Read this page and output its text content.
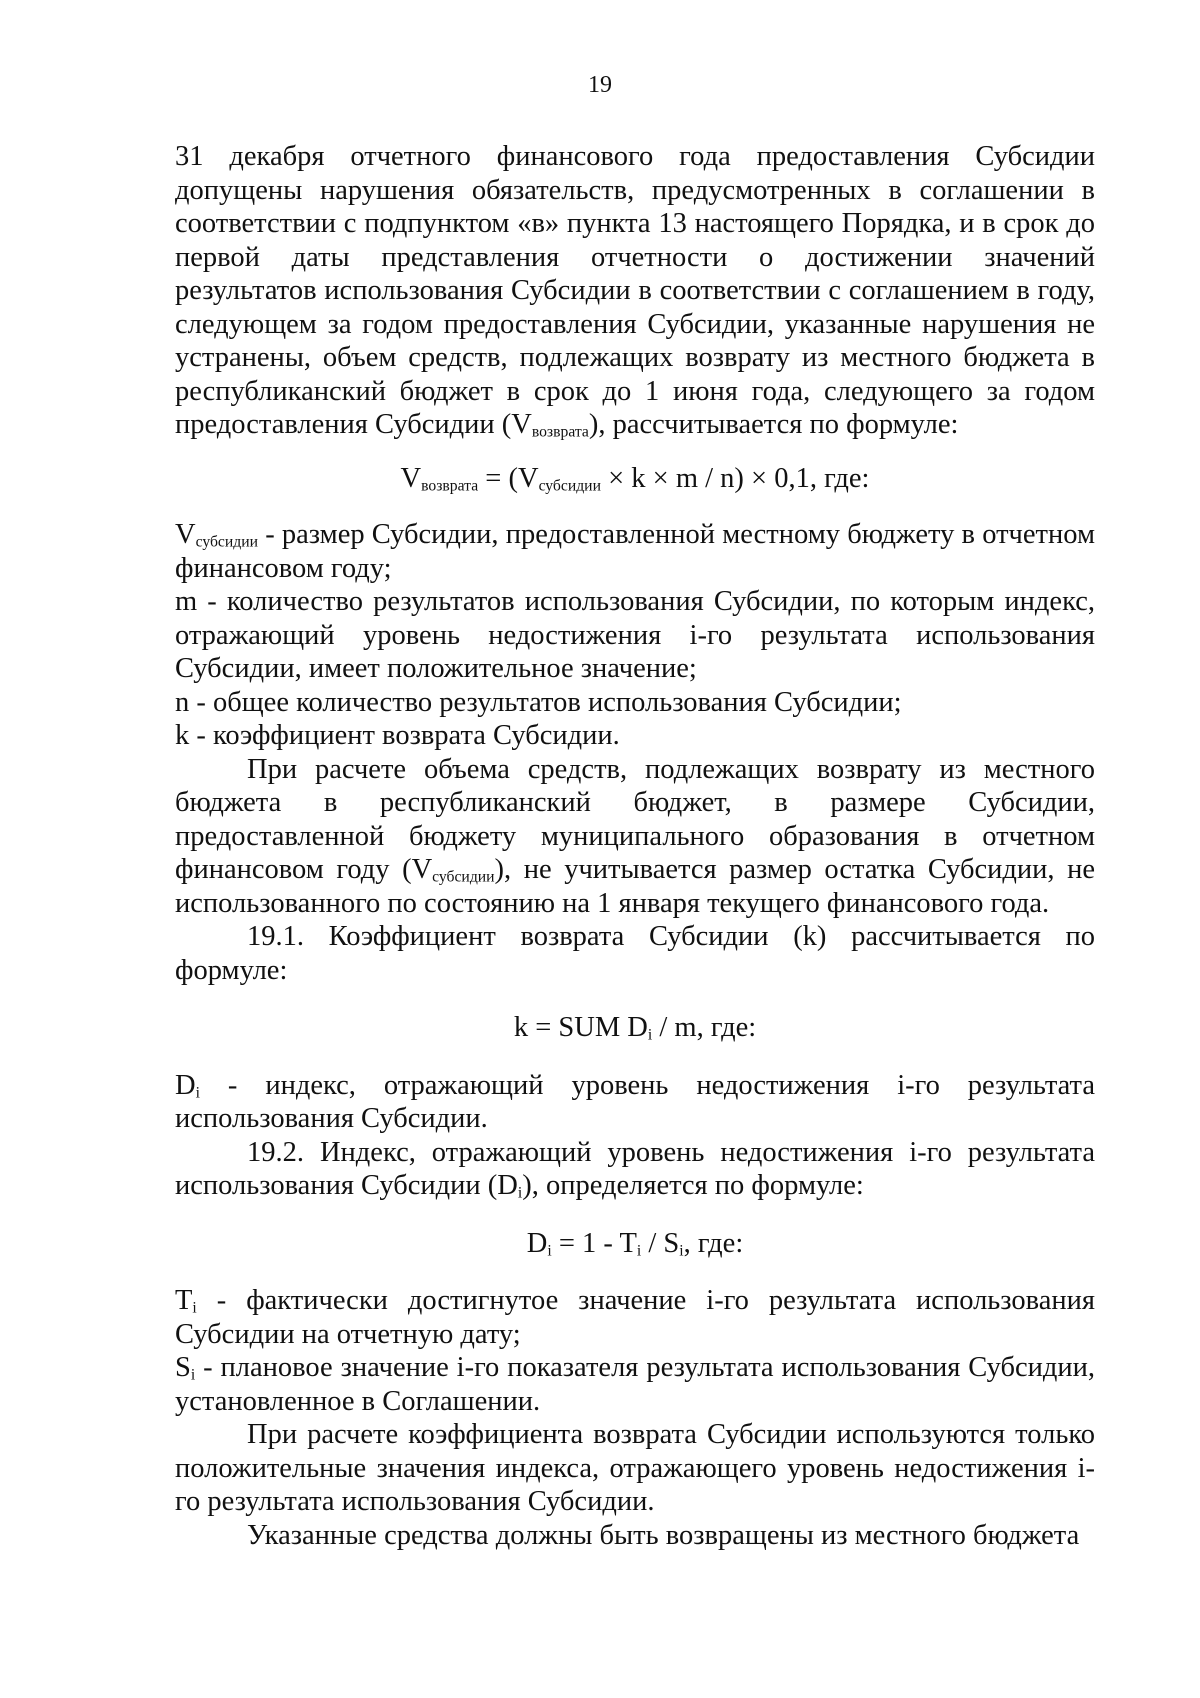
19

31 декабря отчетного финансового года предоставления Субсидии допущены нарушения обязательств, предусмотренных в соглашении в соответствии с подпунктом «в» пункта 13 настоящего Порядка, и в срок до первой даты представления отчетности о достижении значений результатов использования Субсидии в соответствии с соглашением в году, следующем за годом предоставления Субсидии, указанные нарушения не устранены, объем средств, подлежащих возврату из местного бюджета в республиканский бюджет в срок до 1 июня года, следующего за годом предоставления Субсидии $(V_{возврата})$, рассчитывается по формуле:

$V_{возврата} = (V_{субсидии} \times k \times m / n) \times 0,1$, где:

$V_{субсидии}$ - размер Субсидии, предоставленной местному бюджету в отчетном финансовом году;

m - количество результатов использования Субсидии, по которым индекс, отражающий уровень недостижения i-го результата использования Субсидии, имеет положительное значение;

n - общее количество результатов использования Субсидии;

k - коэффициент возврата Субсидии.

При расчете объема средств, подлежащих возврату из местного бюджета в республиканский бюджет, в размере Субсидии, предоставленной бюджету муниципального образования в отчетном финансовом году $(V_{субсидии})$, не учитывается размер остатка Субсидии, не использованного по состоянию на 1 января текущего финансового года.

19.1. Коэффициент возврата Субсидии (k) рассчитывается по формуле:

k = SUM $D_i$ / m, где:

$D_i$ - индекс, отражающий уровень недостижения i-го результата использования Субсидии.

19.2. Индекс, отражающий уровень недостижения i-го результата использования Субсидии $(D_i)$, определяется по формуле:

$D_i = 1 - T_i / S_i$, где:

$T_i$ - фактически достигнутое значение i-го результата использования Субсидии на отчетную дату;

$S_i$ - плановое значение i-го показателя результата использования Субсидии, установленное в Соглашении.

При расчете коэффициента возврата Субсидии используются только положительные значения индекса, отражающего уровень недостижения i-го результата использования Субсидии.

Указанные средства должны быть возвращены из местного бюджета
